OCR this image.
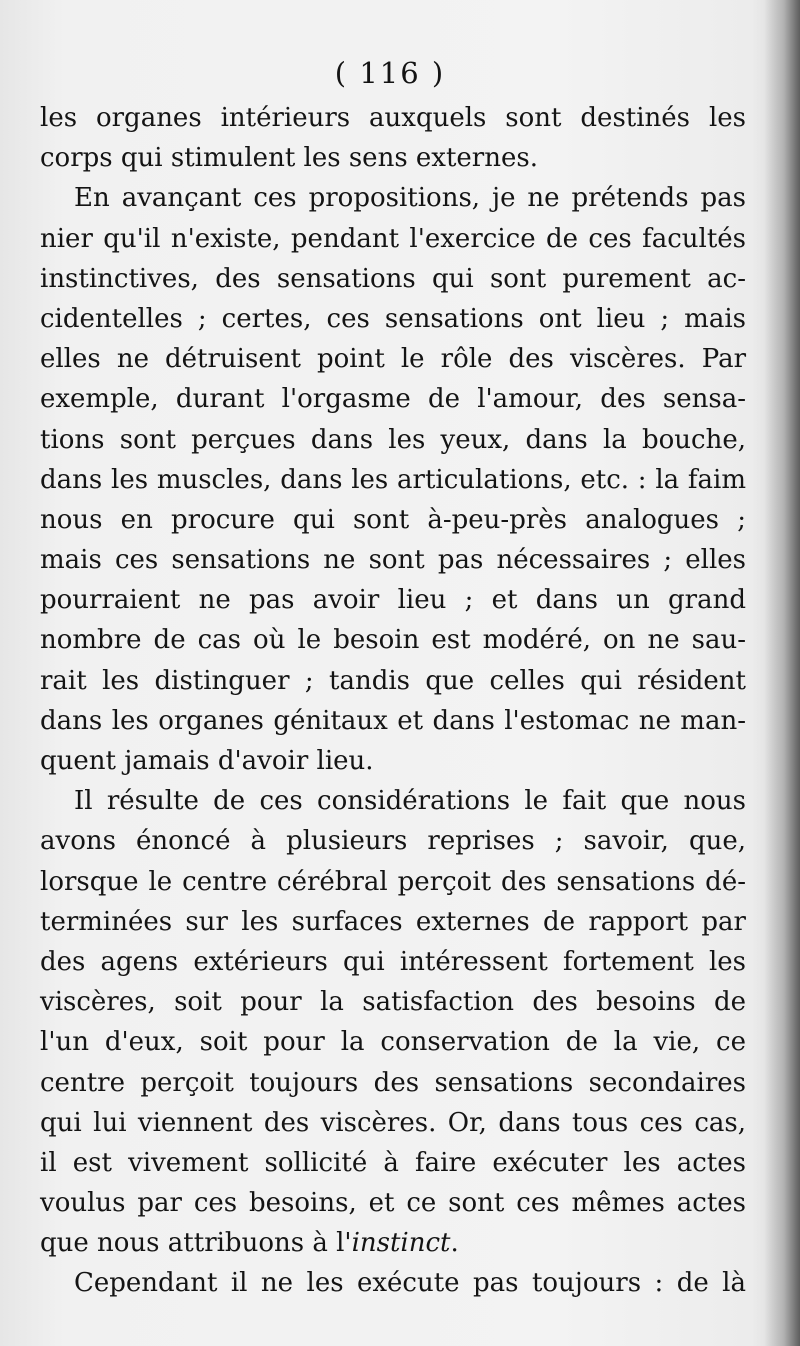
( 116 )
les organes intérieurs auxquels sont destinés les
corps qui stimulent les sens externes.
En avançant ces propositions, je ne prétends pas
nier qu'il n'existe, pendant l'exercice de ces facultés
instinctives, des sensations qui sont purement ac-
cidentelles ; certes, ces sensations ont lieu ; mais
elles ne détruisent point le rôle des viscères. Par
exemple, durant l'orgasme de l'amour, des sensa-
tions sont perçues dans les yeux, dans la bouche,
dans les muscles, dans les articulations, etc. : la faim
nous en procure qui sont à-peu-près analogues ;
mais ces sensations ne sont pas nécessaires ; elles
pourraient ne pas avoir lieu ; et dans un grand
nombre de cas où le besoin est modéré, on ne sau-
rait les distinguer ; tandis que celles qui résident
dans les organes génitaux et dans l'estomac ne man-
quent jamais d'avoir lieu.
Il résulte de ces considérations le fait que nous
avons énoncé à plusieurs reprises ; savoir, que,
lorsque le centre cérébral perçoit des sensations dé-
terminées sur les surfaces externes de rapport par
des agens extérieurs qui intéressent fortement les
viscères, soit pour la satisfaction des besoins de
l'un d'eux, soit pour la conservation de la vie, ce
centre perçoit toujours des sensations secondaires
qui lui viennent des viscères. Or, dans tous ces cas,
il est vivement sollicité à faire exécuter les actes
voulus par ces besoins, et ce sont ces mêmes actes
que nous attribuons à l'instinct.
Cependant il ne les exécute pas toujours : de là
